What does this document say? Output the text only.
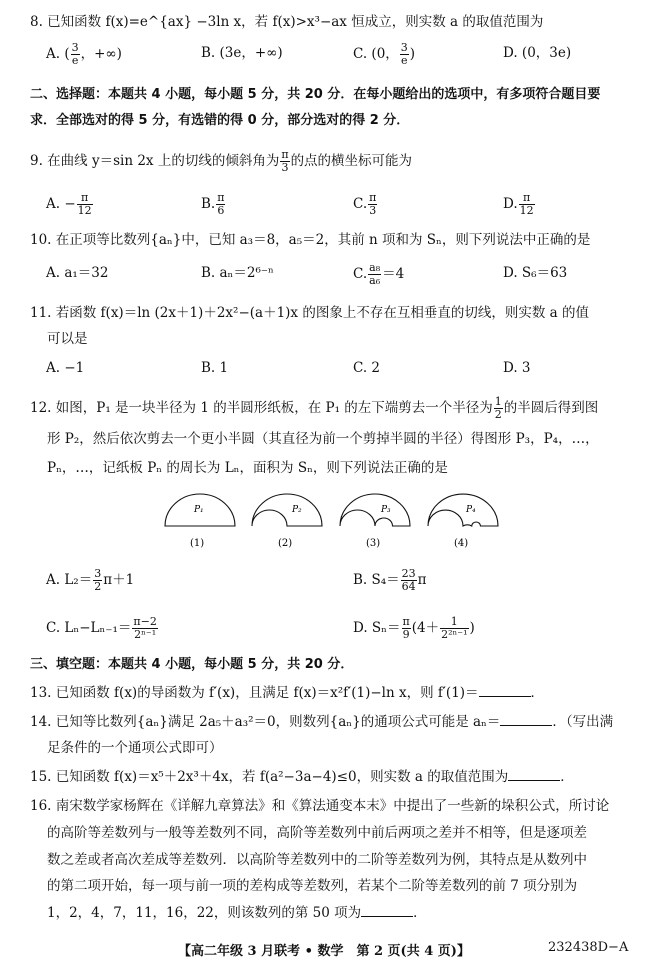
8. 已知函数 f(x)=e^{ax} −3ln x，若 f(x)>x³−ax 恒成立，则实数 a 的取值范围为
A. ( $\frac{3}{e}$ ，+∞)	B. (3e，+∞)	C. (0， $\frac{3}{e}$ )	D. (0，3e)
二、选择题：本题共 4 小题，每小题 5 分，共 20 分．在每小题给出的选项中，有多项符合题目要
求．全部选对的得 5 分，有选错的得 0 分，部分选对的得 2 分．
9. 在曲线 y＝sin 2x 上的切线的倾斜角为 $\frac{\pi}{3}$ 的点的横坐标可能为
A. − $\frac{\pi}{12}$	B. $\frac{\pi}{6}$	C. $\frac{\pi}{3}$	D. $\frac{\pi}{12}$
10. 在正项等比数列{aₙ}中，已知 a₃＝8，a₅＝2，其前 n 项和为 Sₙ，则下列说法中正确的是
A. a₁＝32	B. aₙ＝2⁶⁻ⁿ	C. $\frac{\text{a₈}}{\text{a₆}} =4$	D. S₆＝63
11. 若函数 f(x)＝ln (2x＋1)＋2x²−(a＋1)x 的图象上不存在互相垂直的切线，则实数 a 的值
可以是
A. −1	B. 1	C. 2	D. 3
12. 如图，P₁ 是一块半径为 1 的半圆形纸板，在 P₁ 的左下端剪去一个半径为 $\frac{1}{2}$ 的半圆后得到图
形 P₂，然后依次剪去一个更小半圆（其直径为前一个剪掉半圆的半径）得图形 P₃，P₄，…，
Pₙ，…，记纸板 Pₙ 的周长为 Lₙ，面积为 Sₙ，则下列说法正确的是
P₁
(1)
P₂
(2)
P₃
(3)
P₄
(4)
A. $L_2= \frac{3}{2} \pi+1$	B. $S_4= \frac{23}{64}$ π
C. $L_n-L_{n-1}= \frac{\pi-2}{\text{2ⁿ⁻¹}}$	D. $S_n= \frac{\pi}{9} (4+ \frac{1}{\text{2²ⁿ⁻¹}}$ )
三、填空题：本题共 4 小题，每小题 5 分，共 20 分．
13. 已知函数 f(x)的导函数为 f′(x)，且满足 f(x)＝x²f′(1)−ln x，则 f′(1)＝	．
14. 已知等比数列{aₙ}满足 2a₅＋a₃²＝0，则数列{aₙ}的通项公式可能是 aₙ＝	．（写出满
足条件的一个通项公式即可）
15. 已知函数 f(x)＝x⁵＋2x³＋4x，若 f(a²−3a−4)≤0，则实数 a 的取值范围为	．
16. 南宋数学家杨辉在《详解九章算法》和《算法通变本末》中提出了一些新的垛积公式，所讨论
的高阶等差数列与一般等差数列不同，高阶等差数列中前后两项之差并不相等，但是逐项差
数之差或者高次差成等差数列．以高阶等差数列中的二阶等差数列为例，其特点是从数列中
的第二项开始，每一项与前一项的差构成等差数列，若某个二阶等差数列的前 7 项分别为
1，2，4，7，11，16，22，则该数列的第 50 项为	．
【高二年级 3 月联考 • 数学　第 2 页(共 4 页)】	232438D−A
